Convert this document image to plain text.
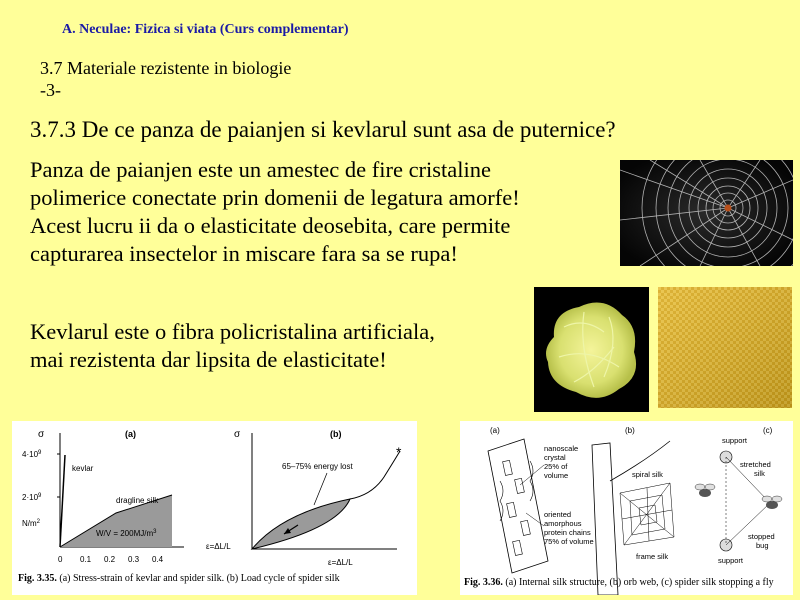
A. Neculae: Fizica si viata (Curs complementar)
3.7 Materiale rezistente in biologie
-3-
3.7.3 De ce panza de paianjen si kevlarul sunt asa de puternice?
Panza de paianjen este un amestec de fire cristaline
polimerice conectate prin domenii de legatura amorfe!
Acest lucru ii da o elasticitate deosebita, care permite
capturarea insectelor in miscare fara sa se rupa!
Kevlarul este o fibra policristalina artificiala,
mai rezistenta dar lipsita de elasticitate!
(a)
σ
$4\cdot 10^9$
$2\cdot 10^9$
$N/m^2$
kevlar
dragline silk
$W/V = 200MJ/m^3$
0 0.1 0.2 0.3 0.4
ε=ΔL/L
(b)
σ
65–75% energy lost
*
ε=ΔL/L
Fig. 3.35. (a) Stress-strain of kevlar and spider silk. (b) Load cycle of spider silk
(a)	(b)	(c)
nanoscale
crystal
25% of
volume
oriented
amorphous
protein chains
75% of volume
spiral silk
frame silk
support
stretched
silk
stopped
bug
support
Fig. 3.36. (a) Internal silk structure, (b) orb web, (c) spider silk stopping a fly
